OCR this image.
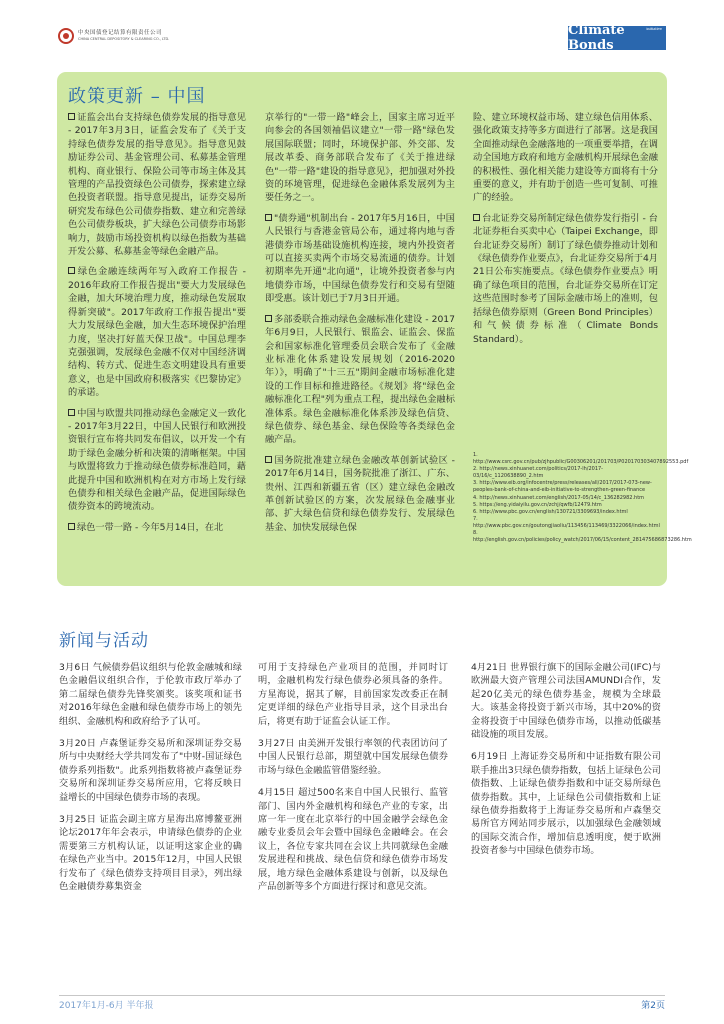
中央国债登记结算有限责任公司
CHINA CENTRAL DEPOSITORY & CLEARING CO., LTD.
initiative
Climate Bonds
政策更新 – 中国

证监会出台支持绿色债券发展的指导意见 - 2017年3月3日，证监会发布了《关于支持绿色债券发展的指导意见》。指导意见鼓励证券公司、基金管理公司、私募基金管理机构、商业银行、保险公司等市场主体及其管理的产品投资绿色公司债券，探索建立绿色投资者联盟。指导意见提出，证券交易所研究发布绿色公司债券指数、建立和完善绿色公司债券板块，扩大绿色公司债券市场影响力，鼓励市场投资机构以绿色指数为基础开发公募、私募基金等绿色金融产品。

绿色金融连续两年写入政府工作报告 - 2016年政府工作报告提出"要大力发展绿色金融，加大环境治理力度，推动绿色发展取得新突破"。2017年政府工作报告提出"要大力发展绿色金融，加大生态环境保护治理力度，坚决打好蓝天保卫战"。中国总理李克强强调，发展绿色金融不仅对中国经济调结构、转方式、促进生态文明建设具有重要意义，也是中国政府积极落实《巴黎协定》的承诺。

中国与欧盟共同推动绿色金融定义一致化 - 2017年3月22日，中国人民银行和欧洲投资银行宣布将共同发布倡议，以开发一个有助于绿色金融分析和决策的清晰框架。中国与欧盟将致力于推动绿色债券标准趋同，藉此提升中国和欧洲机构在对方市场上发行绿色债券和相关绿色金融产品，促进国际绿色债券资本的跨境流动。

绿色一带一路 - 今年5月14日，在北

京举行的"一带一路"峰会上，国家主席习近平向参会的各国领袖倡议建立"一带一路"绿色发展国际联盟；同时，环境保护部、外交部、发展改革委、商务部联合发布了《关于推进绿色"一带一路"建设的指导意见》，把加强对外投资的环境管理，促进绿色金融体系发展列为主要任务之一。

"债券通"机制出台 - 2017年5月16日，中国人民银行与香港金管局公布，通过将内地与香港债券市场基础设施机构连接，境内外投资者可以直接买卖两个市场交易流通的债券。计划初期率先开通"北向通"，让境外投资者参与内地债券市场，中国绿色债券发行和交易有望随即受惠。该计划已于7月3日开通。

多部委联合推动绿色金融标准化建设 - 2017年6月9日，人民银行、银监会、证监会、保监会和国家标准化管理委员会联合发布了《金融业标准化体系建设发展规划（2016-2020年）》，明确了"十三五"期间金融市场标准化建设的工作目标和推进路径。《规划》将"绿色金融标准化工程"列为重点工程，提出绿色金融标准体系。绿色金融标准化体系涉及绿色信贷、绿色债券、绿色基金、绿色保险等各类绿色金融产品。

国务院批准建立绿色金融改革创新试验区 - 2017年6月14日，国务院批准了浙江、广东、贵州、江西和新疆五省（区）建立绿色金融改革创新试验区的方案，次发展绿色金融事业部、扩大绿色信贷和绿色债券发行、发展绿色基金、加快发展绿色保

险、建立环境权益市场、建立绿色信用体系、强化政策支持等多方面进行了部署。这是我国全面推动绿色金融落地的一项重要举措，在调动全国地方政府和地方金融机构开展绿色金融的积极性、强化相关能力建设等方面将有十分重要的意义，并有助于创造一些可复制、可推广的经验。

台北证券交易所制定绿色债券发行指引 - 台北证券柜台买卖中心（Taipei Exchange，即台北证券交易所）制订了绿色债券推动计划和《绿色债券作业要点》，台北证券交易所于4月21日公布实施要点。《绿色债券作业要点》明确了绿色项目的范围，台北证券交易所在订定这些范围时参考了国际金融市场上的准则，包括绿色债券原则（Green Bond Principles）和气候债券标准（Climate Bonds Standard）。

1. http://www.csrc.gov.cn/pub/zjhpublic/G00306201/201703/P020170303407892553.pdf
2. http://news.xinhuanet.com/politics/2017-lh/2017-03/16/c_1120638890_2.htm
3. http://www.eib.org/infocentre/press/releases/all/2017/2017-073-new-peoples-bank-of-china-and-eib-initiative-to-strengthen-green-finance
4. http://news.xinhuanet.com/english/2017-05/14/c_136282982.htm
5. https://eng.yidaiyilu.gov.cn/zchj/qwfb/12479.htm
6. http://www.pbc.gov.cn/english/130721/3309693/index.html
7. http://www.pbc.gov.cn/goutongjiaoliu/113456/113469/3322066/index.html
8. http://english.gov.cn/policies/policy_watch/2017/06/15/content_281475686873286.htm
新闻与活动

3月6日 气候债券倡议组织与伦敦金融城和绿色金融倡议组织合作，于伦敦市政厅举办了第二届绿色债券先锋奖颁奖。该奖项和证书对2016年绿色金融和绿色债券市场上的领先组织、金融机构和政府给予了认可。

3月20日 卢森堡证券交易所和深圳证券交易所与中央财经大学共同发布了"中财-国证绿色债券系列指数"。此系列指数将被卢森堡证券交易所和深圳证券交易所应用，它将反映日益增长的中国绿色债券市场的表现。

3月25日 证监会副主席方星海出席博鳌亚洲论坛2017年年会表示，申请绿色债券的企业需要第三方机构认证，以证明这家企业的确在绿色产业当中。2015年12月，中国人民银行发布了《绿色债券支持项目目录》，列出绿色金融债券募集资金

可用于支持绿色产业项目的范围，并同时订明，金融机构发行绿色债券必须具备的条件。方星海说，据其了解，目前国家发改委正在制定更详细的绿色产业指导目录，这个目录出台后，将更有助于证监会认证工作。

3月27日 由美洲开发银行率领的代表团访问了中国人民银行总部，期望就中国发展绿色债券市场与绿色金融监管借鉴经验。

4月15日 超过500名来自中国人民银行、监管部门、国内外金融机构和绿色产业的专家，出席一年一度在北京举行的中国金融学会绿色金融专业委员会年会暨中国绿色金融峰会。在会议上，各位专家共同在会议上共同就绿色金融发展进程和挑战、绿色信贷和绿色债券市场发展，地方绿色金融体系建设与创新，以及绿色产品创新等多个方面进行探讨和意见交流。

4月21日 世界银行旗下的国际金融公司(IFC)与欧洲最大资产管理公司法国AMUNDI合作，发起20亿美元的绿色债券基金，规模为全球最大。该基金将投资于新兴市场，其中20%的资金将投资于中国绿色债券市场，以推动低碳基础设施的项目发展。

6月19日 上海证券交易所和中证指数有限公司联手推出3只绿色债券指数，包括上证绿色公司债指数、上证绿色债券指数和中证交易所绿色债券指数。其中，上证绿色公司债指数和上证绿色债券指数将于上海证券交易所和卢森堡交易所官方网站同步展示，以加强绿色金融领域的国际交流合作，增加信息透明度，便于欧洲投资者参与中国绿色债券市场。

2017年1月-6月 半年报	第2页
